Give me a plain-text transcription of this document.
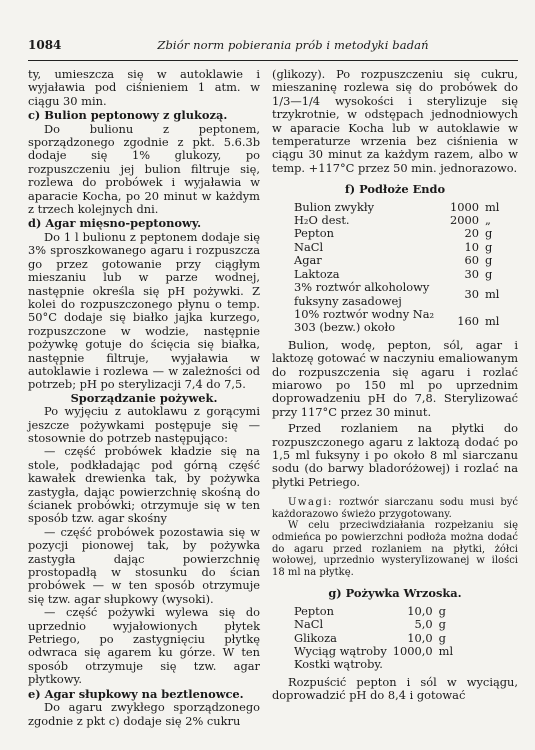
1084	Zbiór norm pobierania prób i metodyki badań

ty, umieszcza się w autoklawie i wyjaławia pod ciśnieniem 1 atm. w ciągu 30 min.

c) Bulion peptonowy z glukozą.

Do bulionu z peptonem, sporządzonego zgodnie z pkt. 5.6.3b dodaje się 1% glukozy, po rozpuszczeniu jej bulion filtruje się, rozlewa do probówek i wyjaławia w aparacie Kocha, po 20 minut w każdym z trzech kolejnych dni.

d) Agar mięsno-peptonowy.

Do 1 l bulionu z peptonem dodaje się 3% sproszkowanego agaru i rozpuszcza go przez gotowanie przy ciągłym mieszaniu lub w parze wodnej, następnie określa się pH pożywki. Z kolei do rozpuszczonego płynu o temp. 50°C dodaje się białko jajka kurzego, rozpuszczone w wodzie, następnie pożywkę gotuje do ścięcia się białka, następnie filtruje, wyjaławia w autoklawie i rozlewa — w zależności od potrzeb; pH po sterylizacji 7,4 do 7,5.

Sporządzanie pożywek.

Po wyjęciu z autoklawu z gorącymi jeszcze pożywkami postępuje się — stosownie do potrzeb następująco:

— część probówek kładzie się na stole, podkładając pod górną część kawałek drewienka tak, by pożywka zastygła, dając powierzchnię skośną do ścianek probówki; otrzymuje się w ten sposób tzw. agar skośny

— część probówek pozostawia się w pozycji pionowej tak, by pożywka zastygła dając powierzchnię prostopadłą w stosunku do ścian probówek — w ten sposób otrzymuje się tzw. agar słupkowy (wysoki).

— część pożywki wylewa się do uprzednio wyjałowionych płytek Petriego, po zastygnięciu płytkę odwraca się agarem ku górze. W ten sposób otrzymuje się tzw. agar płytkowy.

e) Agar słupkowy na beztlenowce.

Do agaru zwykłego sporządzonego zgodnie z pkt c) dodaje się 2% cukru

(glikozy). Po rozpuszczeniu się cukru, mieszaninę rozlewa się do probówek do 1/3—1/4 wysokości i sterylizuje się trzykrotnie, w odstępach jednodniowych w aparacie Kocha lub w autoklawie w temperaturze wrzenia bez ciśnienia w ciągu 30 minut za każdym razem, albo w temp. +117°C przez 50 min. jednorazowo.

f) Podłoże Endo

Bulion zwykły	1000	ml
H₂O dest.	2000	„
Pepton	20	g
NaCl	10	g
Agar	60	g
Laktoza	30	g
3% roztwór alkoholowy fuksyny zasadowej	30	ml
10% roztwór wodny Na₂ 303 (bezw.) około	160	ml

Bulion, wodę, pepton, sól, agar i laktozę gotować w naczyniu emaliowanym do rozpuszczenia się agaru i rozlać miarowo po 150 ml po uprzednim doprowadzeniu pH do 7,8. Sterylizować przy 117°C przez 30 minut.

Przed rozlaniem na płytki do rozpuszczonego agaru z laktozą dodać po 1,5 ml fuksyny i po około 8 ml siarczanu sodu (do barwy bladoróżowej) i rozlać na płytki Petriego.

Uwagi: roztwór siarczanu sodu musi być każdorazowo świeżo przygotowany.

W celu przeciwdziałania rozpełzaniu się odmieńca po powierzchni podłoża można dodać do agaru przed rozlaniem na płytki, żółci wołowej, uprzednio wysteryIizowanej w ilości 18 ml na płytkę.

g) Pożywka Wrzoska.

Pepton	10,0	g
NaCl	5,0	g
Glikoza	10,0	g
Wyciąg wątroby	1000,0	ml
Kostki wątroby.		

Rozpuścić pepton i sól w wyciągu, doprowadzić pH do 8,4 i gotować
